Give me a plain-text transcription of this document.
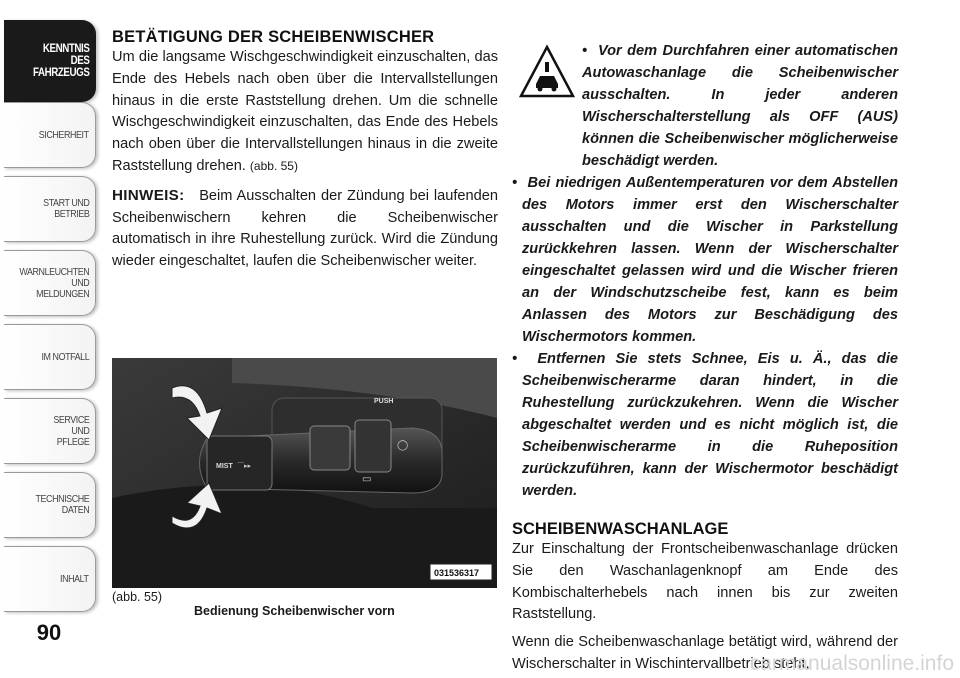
KENNTNIS
DES
FAHRZEUGS
SICHERHEIT
START UND
BETRIEB
WARNLEUCHTEN
UND
MELDUNGEN
IM NOTFALL
SERVICE
UND
PFLEGE
TECHNISCHE
DATEN
INHALT
90
BETÄTIGUNG DER SCHEIBENWISCHER

Um die langsame Wischgeschwindigkeit einzuschalten, das Ende des Hebels nach oben über die Intervallstellungen hinaus in die erste Raststellung drehen. Um die schnelle Wischgeschwindigkeit einzuschalten, das Ende des Hebels nach oben über die Intervallstellungen hinaus in die zweite Raststellung drehen. (abb. 55)

HINWEIS: Beim Ausschalten der Zündung bei laufenden Scheibenwischern kehren die Scheibenwischer automatisch in ihre Ruhestellung zurück. Wird die Zündung wieder eingeschaltet, laufen die Scheibenwischer weiter.

MIST ⌒▸▸
PUSH
◯
▭
031536317
(abb. 55)
Bedienung Scheibenwischer vorn

•  Vor dem Durchfahren einer automatischen Autowaschanlage die Scheibenwischer ausschalten. In jeder anderen Wischerschalterstellung als OFF (AUS) können die Scheibenwischer möglicherweise beschädigt werden.

•  Bei niedrigen Außentemperaturen vor dem Abstellen des Motors immer erst den Wischerschalter ausschalten und die Wischer in Parkstellung zurückkehren lassen. Wenn der Wischerschalter eingeschaltet gelassen wird und die Wischer frieren an der Windschutzscheibe fest, kann es beim Anlassen des Motors zur Beschädigung des Wischermotors kommen.

•  Entfernen Sie stets Schnee, Eis u. Ä., das die Scheibenwischerarme daran hindert, in die Ruhestellung zurückzukehren. Wenn die Wischer abgeschaltet werden und es nicht möglich ist, die Scheibenwischerarme in die Ruheposition zurückzuführen, kann der Wischermotor beschädigt werden.

SCHEIBENWASCHANLAGE

Zur Einschaltung der Frontscheibenwaschanlage drücken Sie den Waschanlagenknopf am Ende des Kombischalterhebels nach innen bis zur zweiten Raststellung.

Wenn die Scheibenwaschanlage betätigt wird, während der Wischerschalter in Wischintervallbetrieb steht,

carmanualsonline.info
